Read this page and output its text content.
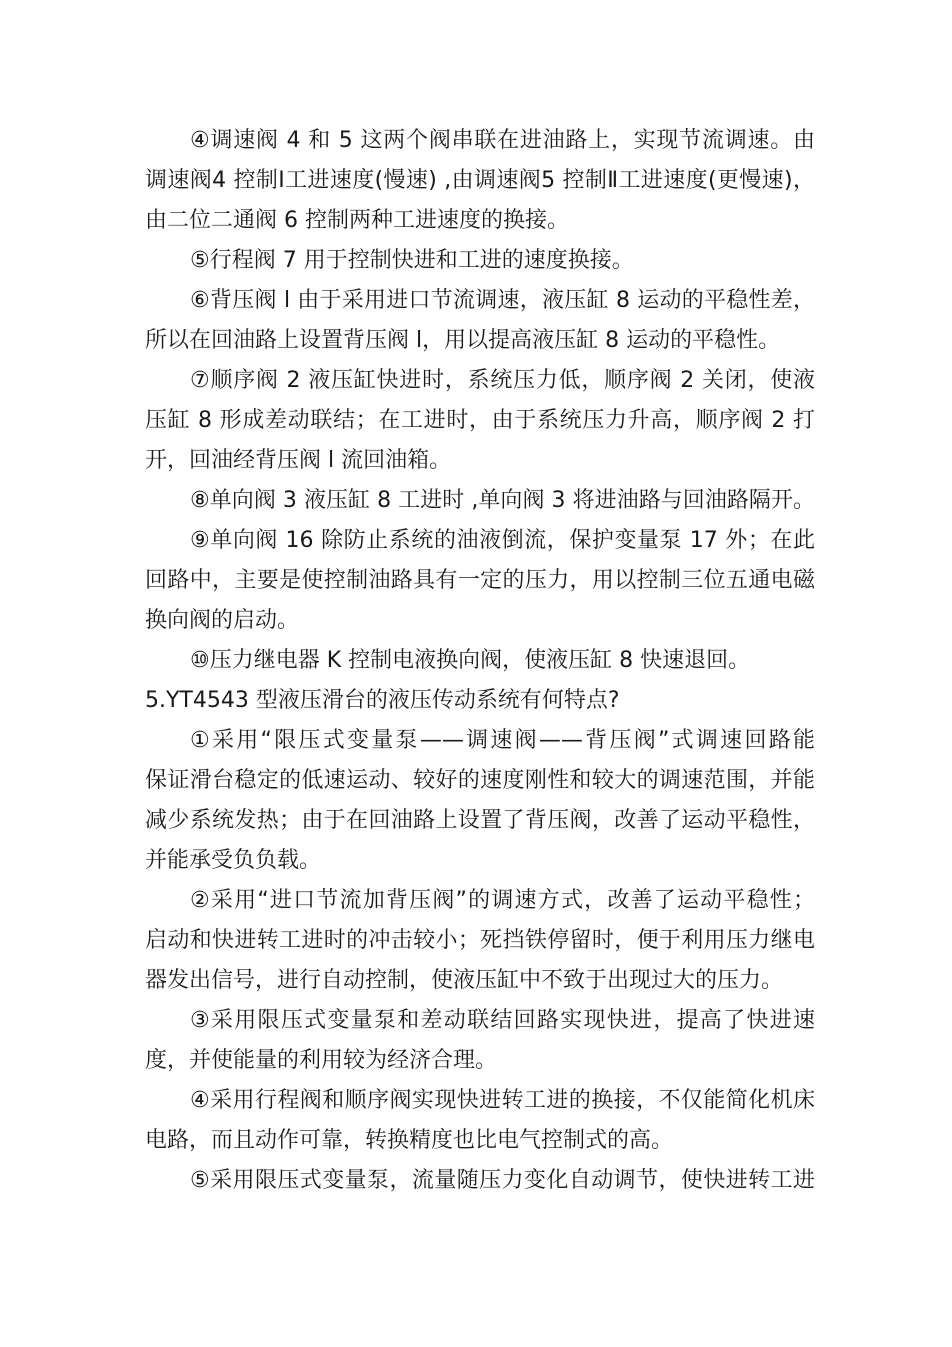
④调速阀 4 和 5 这两个阀串联在进油路上，实现节流调速。由
调速阀4 控制Ⅰ工进速度(慢速) ,由调速阀5 控制Ⅱ工进速度(更慢速)，
由二位二通阀 6 控制两种工进速度的换接。
⑤行程阀 7 用于控制快进和工进的速度换接。
⑥背压阀 l 由于采用进口节流调速，液压缸 8 运动的平稳性差，
所以在回油路上设置背压阀 l，用以提高液压缸 8 运动的平稳性。
⑦顺序阀 2 液压缸快进时，系统压力低，顺序阀 2 关闭，使液
压缸 8 形成差动联结；在工进时，由于系统压力升高，顺序阀 2 打
开，回油经背压阀 l 流回油箱。
⑧单向阀 3 液压缸 8 工进时 ,单向阀 3 将进油路与回油路隔开。
⑨单向阀 16 除防止系统的油液倒流，保护变量泵 17 外；在此
回路中，主要是使控制油路具有一定的压力，用以控制三位五通电磁
换向阀的启动。
⑩压力继电器 K 控制电液换向阀，使液压缸 8 快速退回。
5.YT4543 型液压滑台的液压传动系统有何特点?
①采用“限压式变量泵——调速阀——背压阀”式调速回路能
保证滑台稳定的低速运动、较好的速度刚性和较大的调速范围，并能
减少系统发热；由于在回油路上设置了背压阀，改善了运动平稳性，
并能承受负负载。
②采用“进口节流加背压阀”的调速方式，改善了运动平稳性；
启动和快进转工进时的冲击较小；死挡铁停留时，便于利用压力继电
器发出信号，进行自动控制，使液压缸中不致于出现过大的压力。
③采用限压式变量泵和差动联结回路实现快进，提高了快进速
度，并使能量的利用较为经济合理。
④采用行程阀和顺序阀实现快进转工进的换接，不仅能简化机床
电路，而且动作可靠，转换精度也比电气控制式的高。
⑤采用限压式变量泵，流量随压力变化自动调节，使快进转工进
